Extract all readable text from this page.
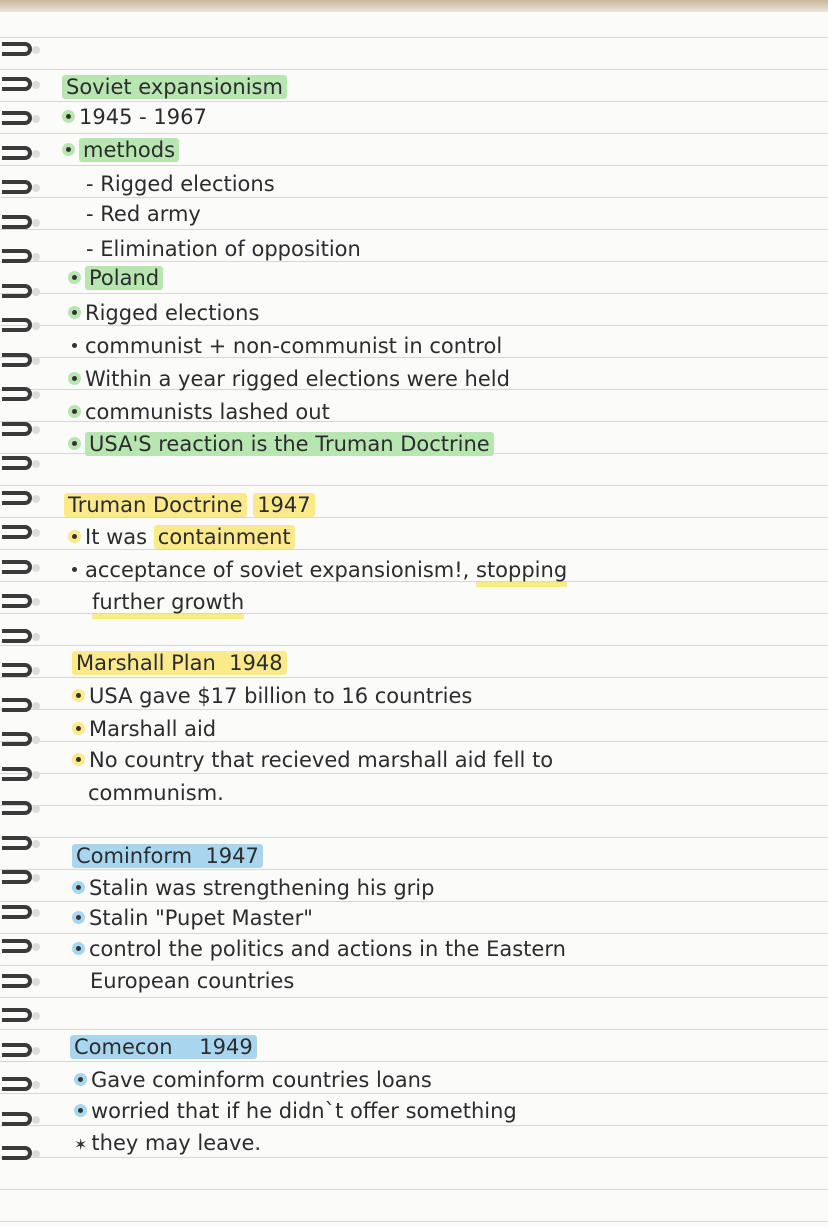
Soviet expansionism
1945 - 1967
methods
- Rigged elections
- Red army
- Elimination of opposition
Poland
Rigged elections
communist + non-communist in control
Within a year rigged elections were held
communists lashed out
USA'S reaction is the Truman Doctrine
Truman Doctrine 1947
It was containment
acceptance of soviet expansionism!, stopping
further growth
Marshall Plan 1948
USA gave $17 billion to 16 countries
Marshall aid
No country that recieved marshall aid fell to
communism.
Cominform 1947
Stalin was strengthening his grip
Stalin "Pupet Master"
control the politics and actions in the Eastern
European countries
Comecon 1949
Gave cominform countries loans
worried that if he didn`t offer something
✶ they may leave.
